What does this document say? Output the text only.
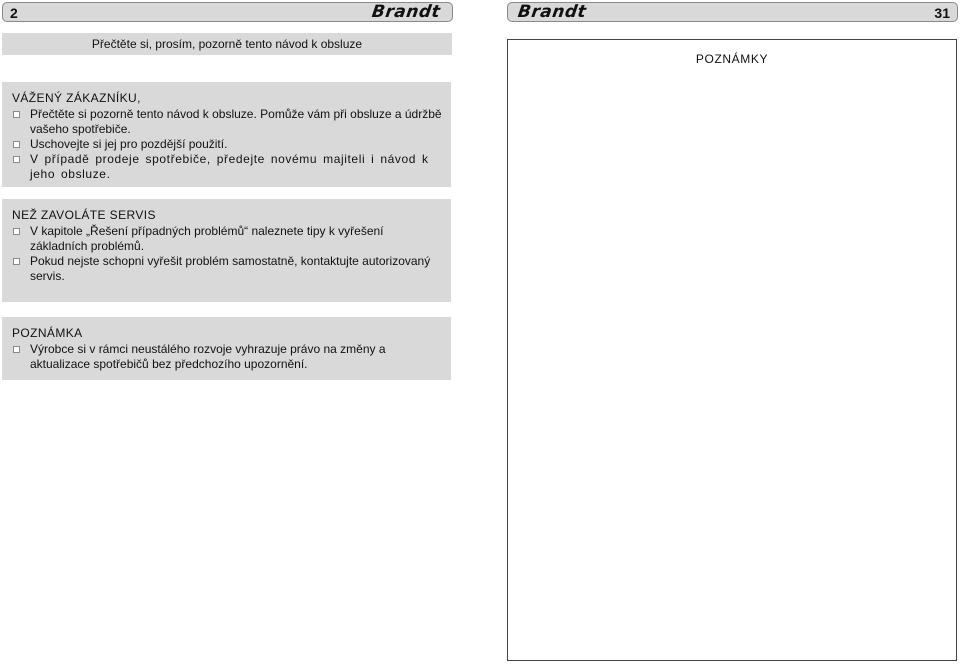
2	Brandt	Brandt	31
Přečtěte si, prosím, pozorně tento návod k obsluze
VÁŽENÝ ZÁKAZNÍKU,
Přečtěte si pozorně tento návod k obsluze. Pomůže vám při obsluze a údržbě vašeho spotřebiče.
Uschovejte si jej pro pozdější použití.
V případě prodeje spotřebiče, předejte novému majiteli i návod k jeho obsluze.
NEŽ ZAVOLÁTE SERVIS
V kapitole „Řešení případných problémů“ naleznete tipy k vyřešení základních problémů.
Pokud nejste schopni vyřešit problém samostatně, kontaktujte autorizovaný servis.
POZNÁMKA
Výrobce si v rámci neustálého rozvoje vyhrazuje právo na změny a aktualizace spotřebičů bez předchozího upozornění.
POZNÁMKY
